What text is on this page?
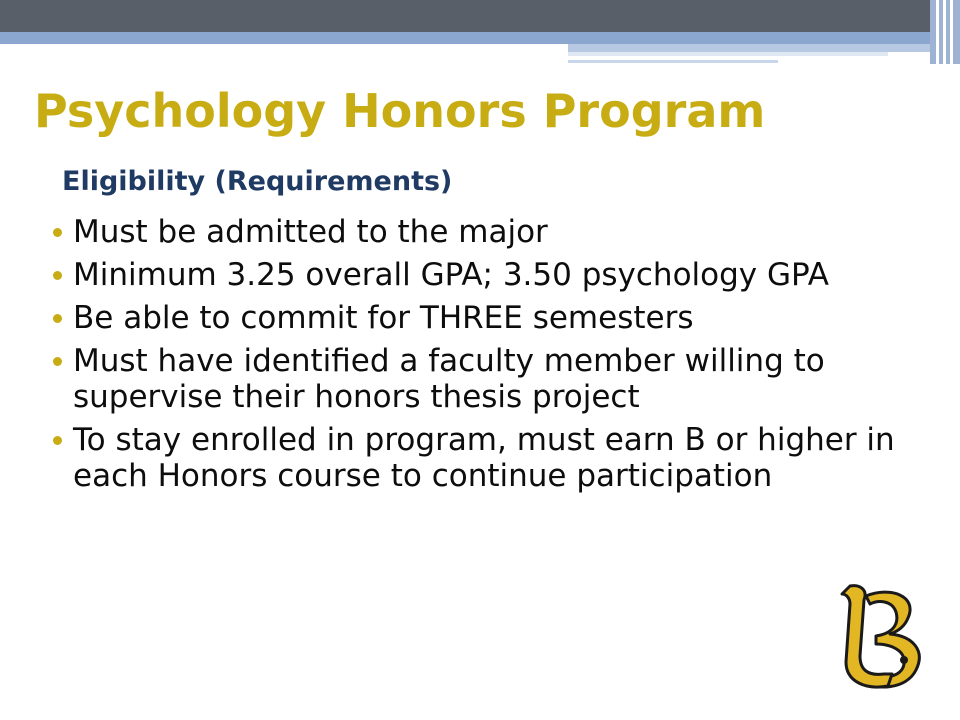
Psychology Honors Program
Eligibility (Requirements)
Must be admitted to the major
Minimum 3.25 overall GPA; 3.50 psychology GPA
Be able to commit for THREE semesters
Must have identified a faculty member willing to supervise their honors thesis project
To stay enrolled in program, must earn B or higher in each Honors course to continue participation
